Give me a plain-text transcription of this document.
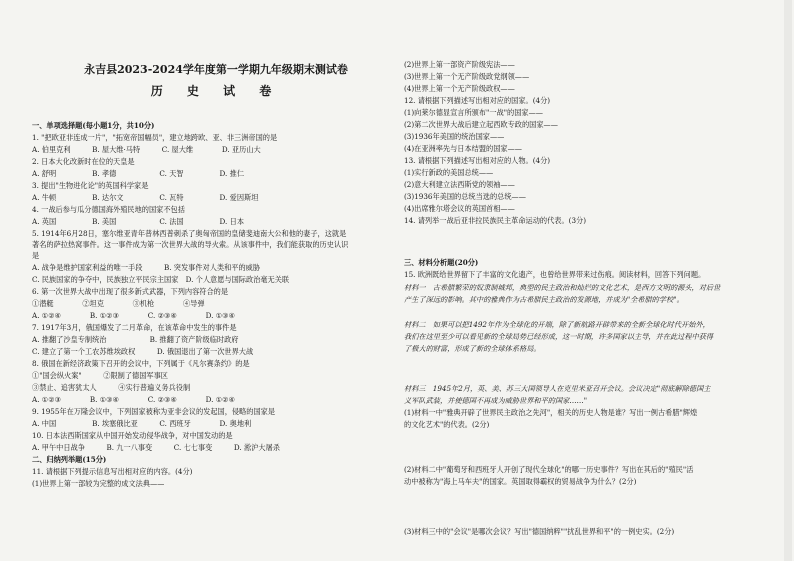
永吉县2023-2024学年度第一学期九年级期末测试卷
历 史 试 卷
一、单项选择题(每小题1分，共10分)
1. "把欧亚非连成一片"，"拓宽帝国幅员"，建立地跨欧、亚、非三洲帝国的是
A. 伯里克利　　　B. 屋大维·马特　　　C. 屋大维　　　　D. 亚历山大
2. 日本大化改新时在位的天皇是
A. 舒明　　　　　B. 孝德　　　　　　C. 天智　　　　　D. 推仁
3. 提出"生物进化论"的英国科学家是
A. 牛顿　　　　　B. 达尔文　　　　　C. 瓦特　　　　　D. 爱因斯坦
4. 一战后参与瓜分德国海外殖民地的国家不包括
A. 英国　　　　　B. 美国　　　　　　C. 法国　　　　　D. 日本
5. 1914年6月28日，塞尔维亚青年普林西普刺杀了奥匈帝国的皇储斐迪南大公和他的妻子，这就是
著名的萨拉热窝事件。这一事件成为第一次世界大战的导火索。从该事件中，我们能获取的历史认识
是
A. 战争是维护国家利益的唯一手段　　　B. 突发事件对人类和平的威胁
C. 民族国家的争夺中，民族独立平民宗主国家　D. 个人意愿与国际政治毫无关联
6. 第一次世界大战中出现了很多新式武器，下列内容符合的是
①潜艇　　　　②坦克　　　　③机枪　　　　④导弹
A. ①②④　　　　B. ①②③　　　　C. ②③④　　　　D. ①③④
7. 1917年3月，俄国爆发了二月革命，在该革命中发生的事件是
A. 推翻了沙皇专制统治　　　　　　B. 推翻了资产阶级临时政府
C. 建立了第一个工农苏维埃政权　　　D. 俄国退出了第一次世界大战
8. 俄国在新经济政策下召开的会议中，下列属于《凡尔赛条约》的是
①"国会纵火案"　　　②限制了德国军事区
③禁止、追害犹太人　　　④实行普遍义务兵役制
A. ①②③　　　　B. ①③④　　　　C. ②③④　　　　D. ①②④
9. 1955年在万隆会议中，下列国家被称为亚非会议的发起国，侵略的国家是
A. 中国　　　　　B. 埃塞俄比亚　　　C. 西班牙　　　　D. 奥地利
10. 日本法西斯国家从中国开始发动侵华战争，对中国发动的是
A. 甲午中日战争　　　B. 九一八事变　　　C. 七七事变　　　D. 淞沪大屠杀
二、归纳列举题(15分)
11. 请根据下列提示信息写出相对应的内容。(4分)
(1)世界上第一部较为完整的成文法典——
(2)世界上第一部资产阶级宪法——
(3)世界上第一个无产阶级政党纲领——
(4)世界上第一个无产阶级政权——
12. 请根据下列描述写出相对应的国家。(4分)
(1)向莱尔德显宣言所颁布"一战"的国家——
(2)第二次世界大战后建立起西欧专政的国家——
(3)1936年美国的统治国家——
(4)在亚洲率先与日本结盟的国家——
13. 请根据下列描述写出相对应的人物。(4分)
(1)实行新政的美国总统——
(2)意大利建立法西斯党的领袖——
(3)1936年美国的总统当选的总统——
(4)出席雅尔塔会议的英国首相——
14. 请列举一战后亚非拉民族民主革命运动的代表。(3分)
三、材料分析题(20分)
15. 欧洲既给世界留下了丰富的文化遗产，也曾给世界带来过伤痕。阅读材料，回答下列问题。
材料一　古希腊繁荣的奴隶制城邦，典型的民主政治和灿烂的文化艺术，是西方文明的源头，对后世
产生了深远的影响。其中的雅典作为古希腊民主政治的发源地，并成为"全希腊的学校"。
材料二　如果可以把1492年作为全球化的开端，除了新航路开辟带来的全新全球化时代开始外，
我们在这里至少可以看见新的全球局势已经形成，这一时期，许多国家以主导，并在此过程中获得
了极大的财富，形成了新的全球体系格局。
材料三　1945年2月，英、美、苏三大国领导人在克里米亚召开会议。会议决定"彻底解除德国主
义军队武装，并使德国不再成为威胁世界和平的国家……"
(1)材料一中"雅典开辟了世界民主政治之先河"，相关的历史人物是谁？写出一例古希腊"辉煌
的文化艺术"的代表。(2分)
(2)材料二中"葡萄牙和西班牙人开创了现代全球化"的哪一历史事件？写出在其后的"殖民"活
动中被称为"海上马车夫"的国家。英国取得霸权的贸易战争为什么？(2分)
(3)材料三中的"会议"是哪次会议？写出"德国纳粹""扰乱世界和平"的一例史实。(2分)
